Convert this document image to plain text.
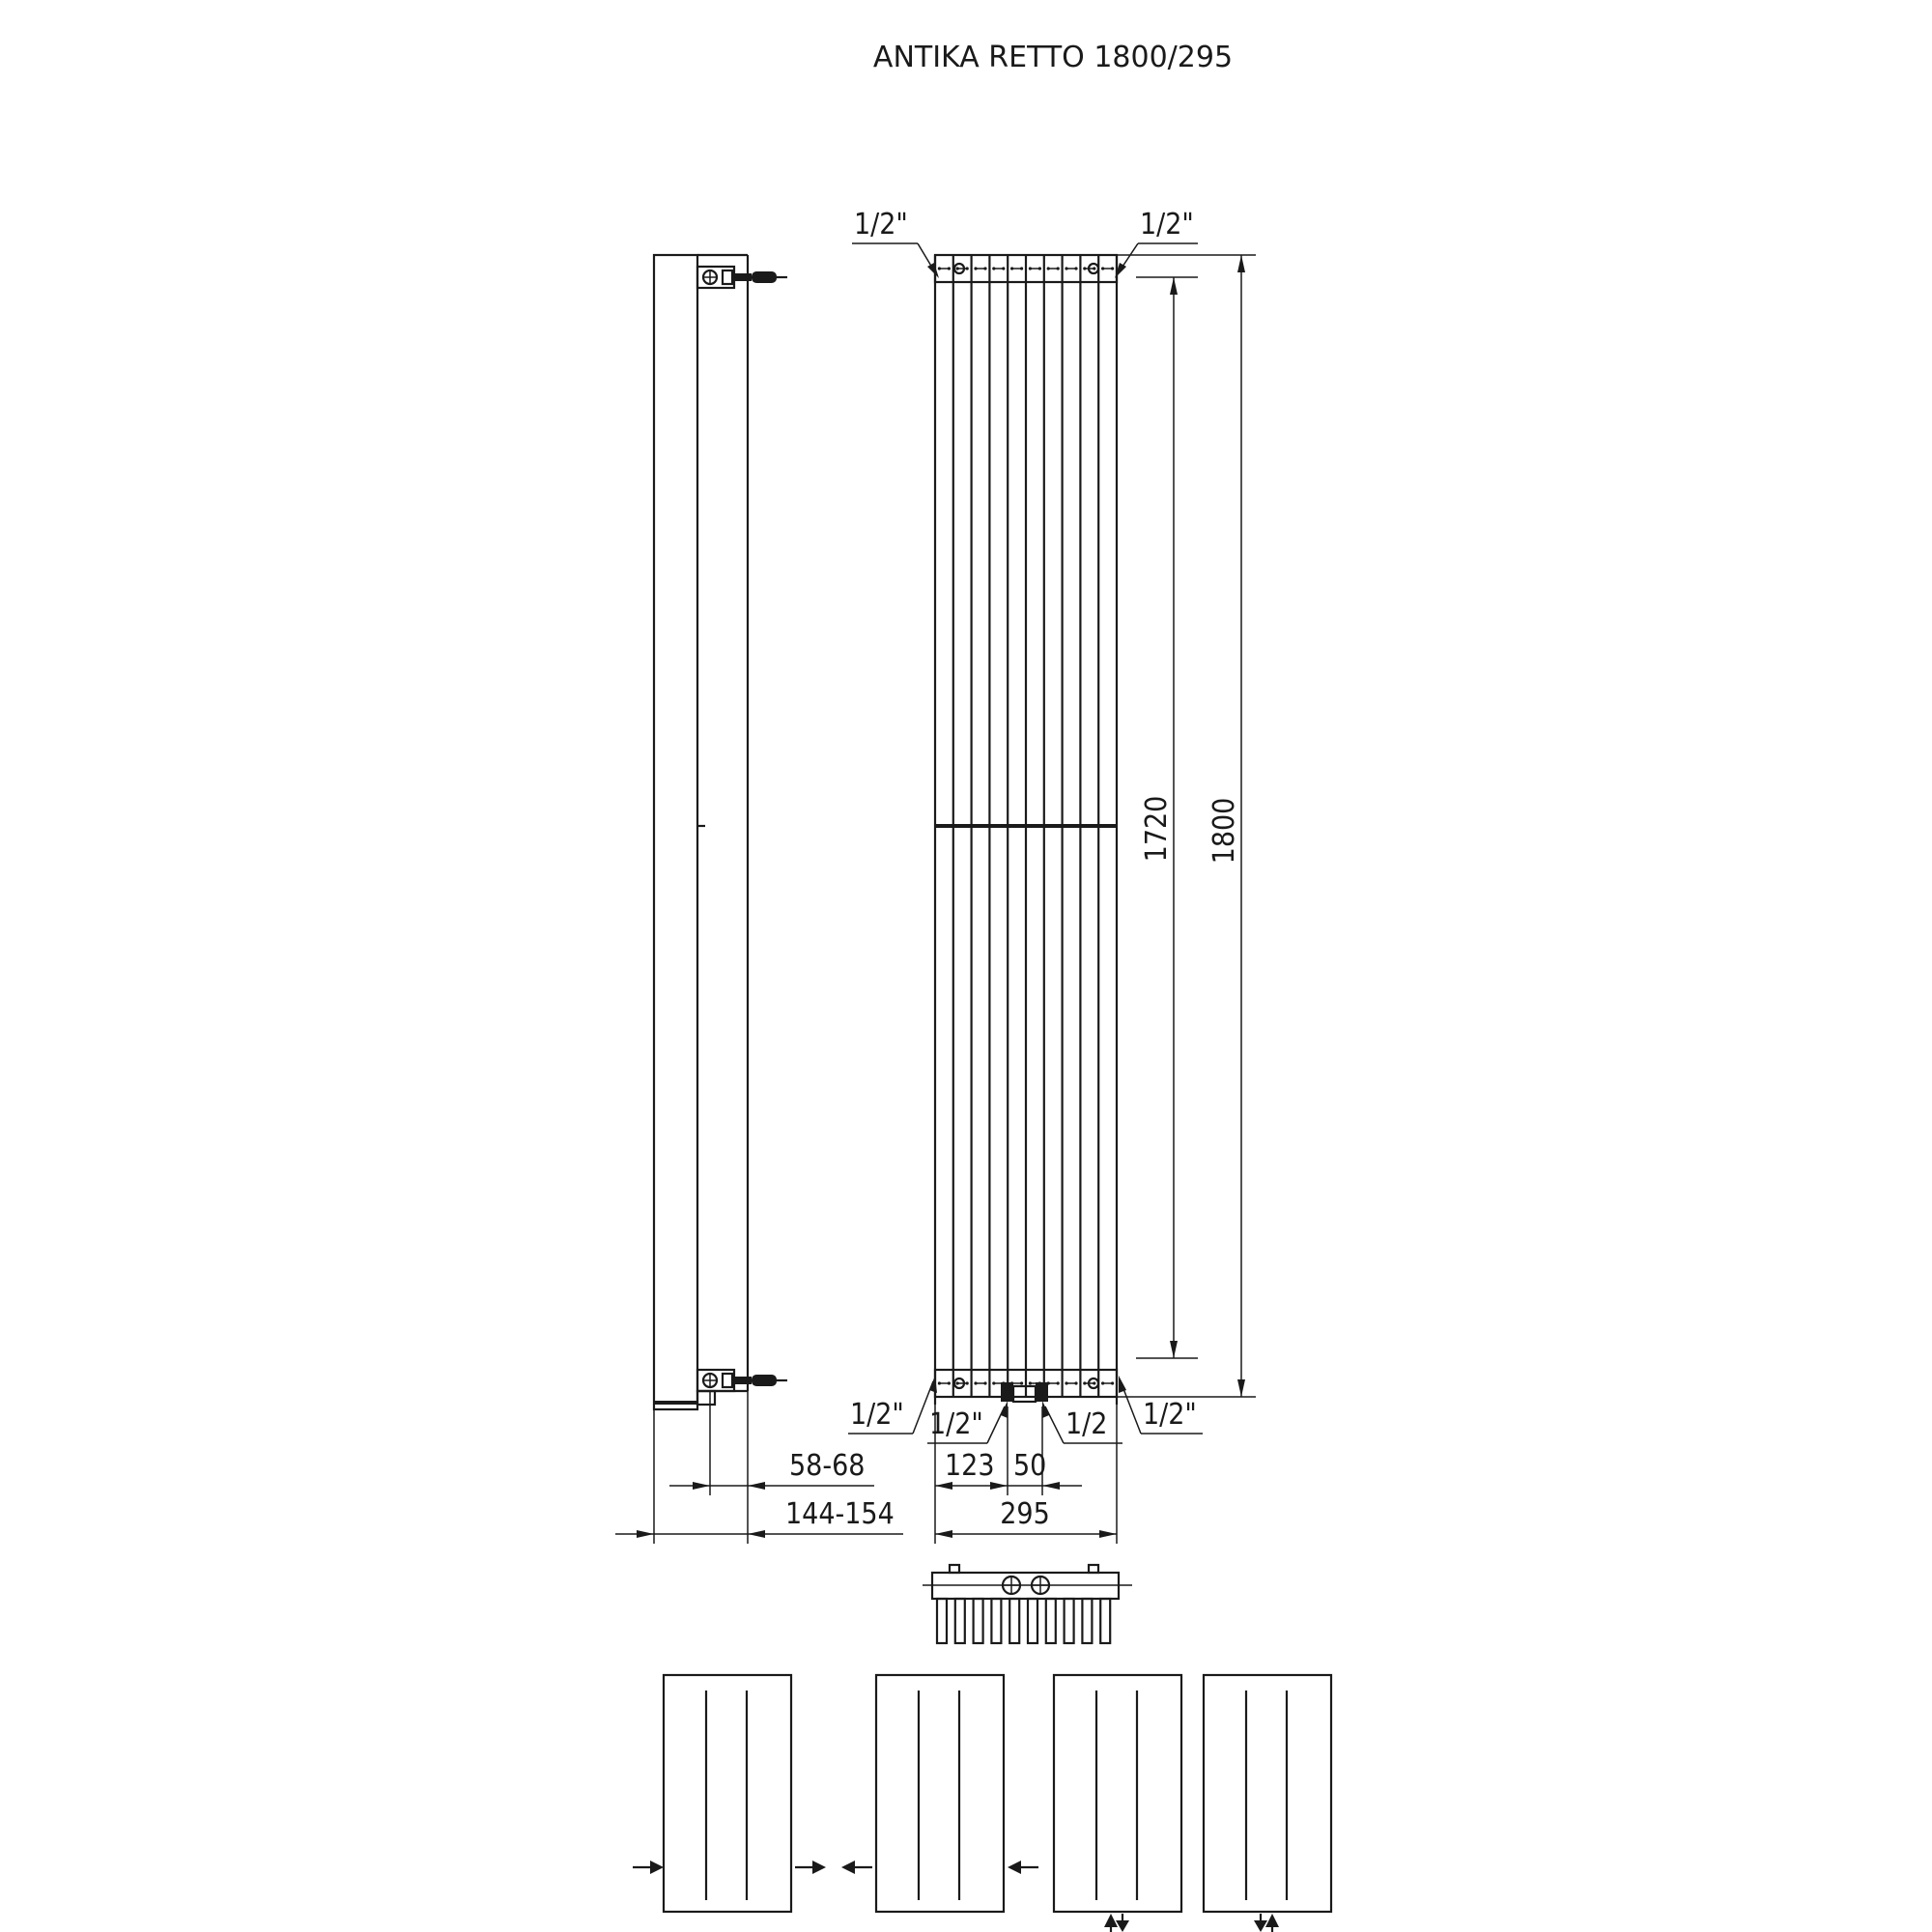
ANTIKA RETTO 1800/295
58-68
144-154
1800
1720
1/2"	1/2"
1/2"	1/2"
1/2"	1/2
123 50
295
